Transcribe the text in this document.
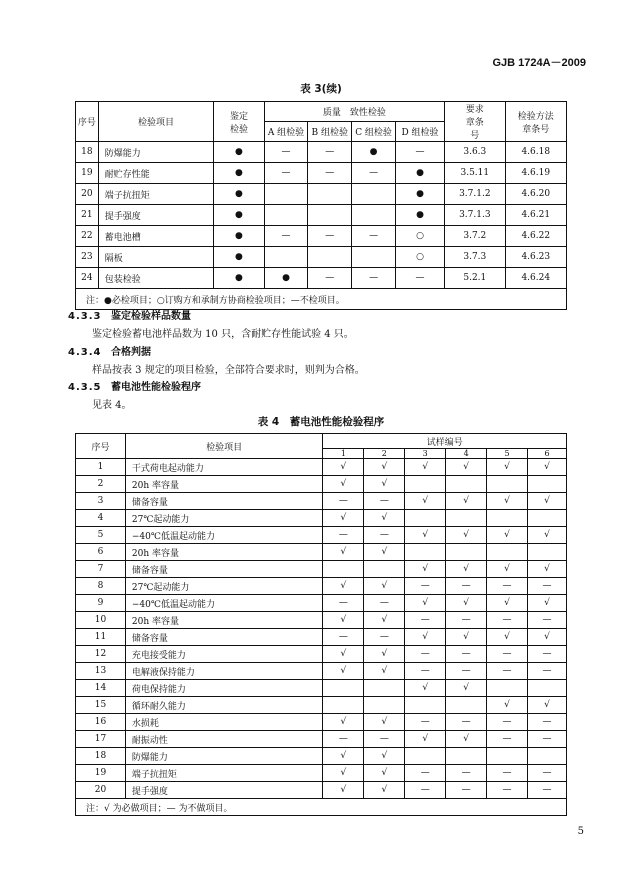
GJB 1724A－2009
表 3(续)
序号	检验项目	鉴定检验	质量　致性检验				要求章条号	检验方法章条号

			A 组检验	B 组检验	C 组检验	D 组检验		
18	防爆能力	●	—	—	●	—	3.6.3	4.6.18
19	耐贮存性能	●	—	—	—	●	3.5.11	4.6.19
20	端子抗扭矩	●				●	3.7.1.2	4.6.20
21	提手强度	●				●	3.7.1.3	4.6.21
22	蓄电池槽	●	—	—	—	○	3.7.2	4.6.22
23	隔板	●				○	3.7.3	4.6.23
24	包装检验	●	●	—	—	—	5.2.1	4.6.24
注：●必检项目；○订购方和承制方协商检验项目；—不检项目。								
4.3.3 鉴定检验样品数量
鉴定检验蓄电池样品数为 10 只，含耐贮存性能试验 4 只。
4.3.4 合格判据
样品按表 3 规定的项目检验，全部符合要求时，则判为合格。
4.3.5 蓄电池性能检验程序
见表 4。
表 4　蓄电池性能检验程序
序号	检验项目	试样编号					
		1	2	3	4	5	6
1	干式荷电起动能力	√	√	√	√	√	√
2	20h 率容量	√	√				
3	储备容量	—	—	√	√	√	√
4	27℃起动能力	√	√				
5	−40℃低温起动能力	—	—	√	√	√	√
6	20h 率容量	√	√				
7	储备容量			√	√	√	√
8	27℃起动能力	√	√	—	—	—	—
9	−40℃低温起动能力	—	—	√	√	√	√
10	20h 率容量	√	√	—	—	—	—
11	储备容量	—	—	√	√	√	√
12	充电接受能力	√	√	—	—	—	—
13	电解液保持能力	√	√	—	—	—	—
14	荷电保持能力			√	√		
15	循环耐久能力					√	√
16	水损耗	√	√	—	—	—	—
17	耐振动性	—	—	√	√	—	—
18	防爆能力	√	√				
19	端子抗扭矩	√	√	—	—	—	—
20	提手强度	√	√	—	—	—	—
注：√ 为必做项目；— 为不做项目。							
5
